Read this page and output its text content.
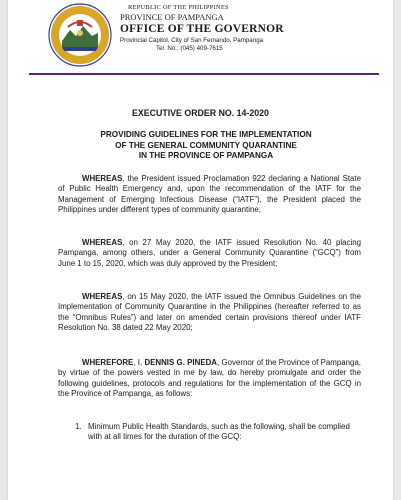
REPUBLIC OF THE PHILIPPINES
PROVINCE OF PAMPANGA
OFFICE OF THE GOVERNOR
Provincial Capitol, City of San Fernando, Pampanga
Tel. No.: (045) 409-7615
EXECUTIVE ORDER NO. 14-2020
PROVIDING GUIDELINES FOR THE IMPLEMENTATION
OF THE GENERAL COMMUNITY QUARANTINE
IN THE PROVINCE OF PAMPANGA
WHEREAS, the President issued Proclamation 922 declaring a National State of Public Health Emergency and, upon the recommendation of the IATF for the Management of Emerging Infectious Disease (“IATF”), the President placed the Philippines under different types of community quarantine;
WHEREAS, on 27 May 2020, the IATF issued Resolution No. 40 placing Pampanga, among others, under a General Community Quarantine (“GCQ”) from June 1 to 15, 2020, which was duly approved by the President;
WHEREAS, on 15 May 2020, the IATF issued the Omnibus Guidelines on the Implementation of Community Quarantine in the Philippines (hereafter referred to as the “Omnibus Rules”) and later on amended certain provisions thereof under IATF Resolution No. 38 dated 22 May 2020;
WHEREFORE, I, DENNIS G. PINEDA, Governor of the Province of Pampanga, by virtue of the powers vested in me by law, do hereby promulgate and order the following guidelines, protocols and regulations for the implementation of the GCQ in the Province of Pampanga, as follows:
1. Minimum Public Health Standards, such as the following, shall be complied with at all times for the duration of the GCQ:
